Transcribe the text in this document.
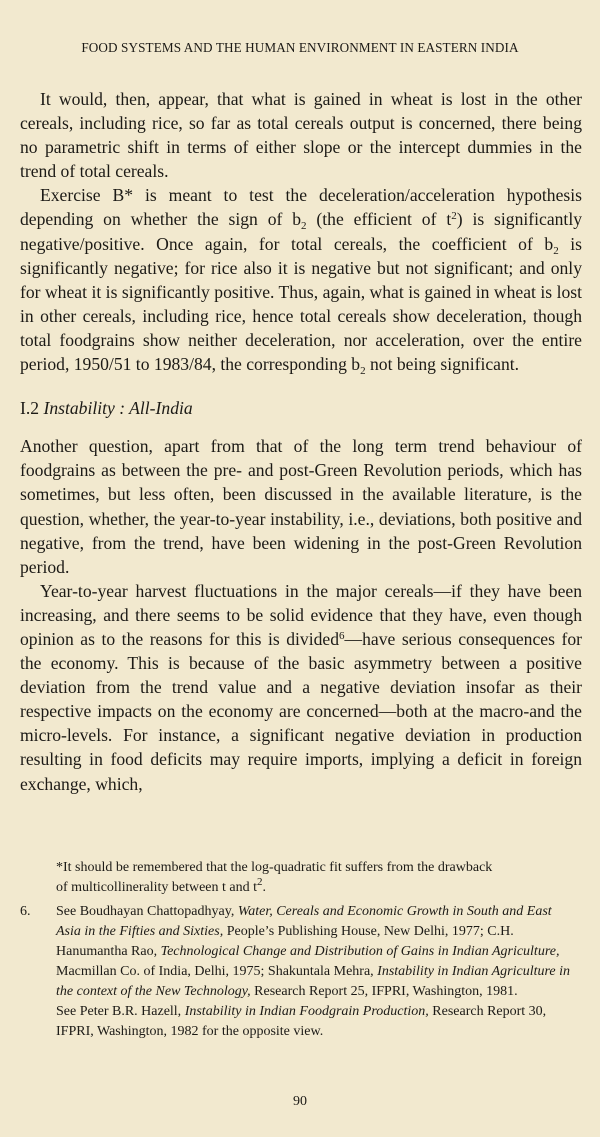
FOOD SYSTEMS AND THE HUMAN ENVIRONMENT IN EASTERN INDIA

It would, then, appear, that what is gained in wheat is lost in the other cereals, including rice, so far as total cereals output is concerned, there being no parametric shift in terms of either slope or the intercept dummies in the trend of total cereals.

Exercise B* is meant to test the deceleration/acceleration hypothesis depending on whether the sign of $b_2$ (the efficient of $t^2$) is significantly negative/positive. Once again, for total cereals, the coefficient of $b_2$ is significantly negative; for rice also it is negative but not significant; and only for wheat it is significantly positive. Thus, again, what is gained in wheat is lost in other cereals, including rice, hence total cereals show deceleration, though total foodgrains show neither deceleration, nor acceleration, over the entire period, 1950/51 to 1983/84, the corresponding $b_2$ not being significant.

I.2 Instability : All-India

Another question, apart from that of the long term trend behaviour of foodgrains as between the pre- and post-Green Revolution periods, which has sometimes, but less often, been discussed in the available literature, is the question, whether, the year-to-year instability, i.e., deviations, both positive and negative, from the trend, have been widening in the post-Green Revolution period.

Year-to-year harvest fluctuations in the major cereals—if they have been increasing, and there seems to be solid evidence that they have, even though opinion as to the reasons for this is divided$^6$—have serious consequences for the economy. This is because of the basic asymmetry between a positive deviation from the trend value and a negative deviation insofar as their respective impacts on the economy are concerned—both at the macro-and the micro-levels. For instance, a significant negative deviation in production resulting in food deficits may require imports, implying a deficit in foreign exchange, which,

*It should be remembered that the log-quadratic fit suffers from the drawback
of multicollinerality between t and $t^2$.
6. See Boudhayan Chattopadhyay, Water, Cereals and Economic Growth in South and East Asia in the Fifties and Sixties, People’s Publishing House, New Delhi, 1977; C.H. Hanumantha Rao, Technological Change and Distribution of Gains in Indian Agriculture, Macmillan Co. of India, Delhi, 1975; Shakuntala Mehra, Instability in Indian Agriculture in the context of the New Technology, Research Report 25, IFPRI, Washington, 1981.

See Peter B.R. Hazell, Instability in Indian Foodgrain Production, Research Report 30, IFPRI, Washington, 1982 for the opposite view.

90
